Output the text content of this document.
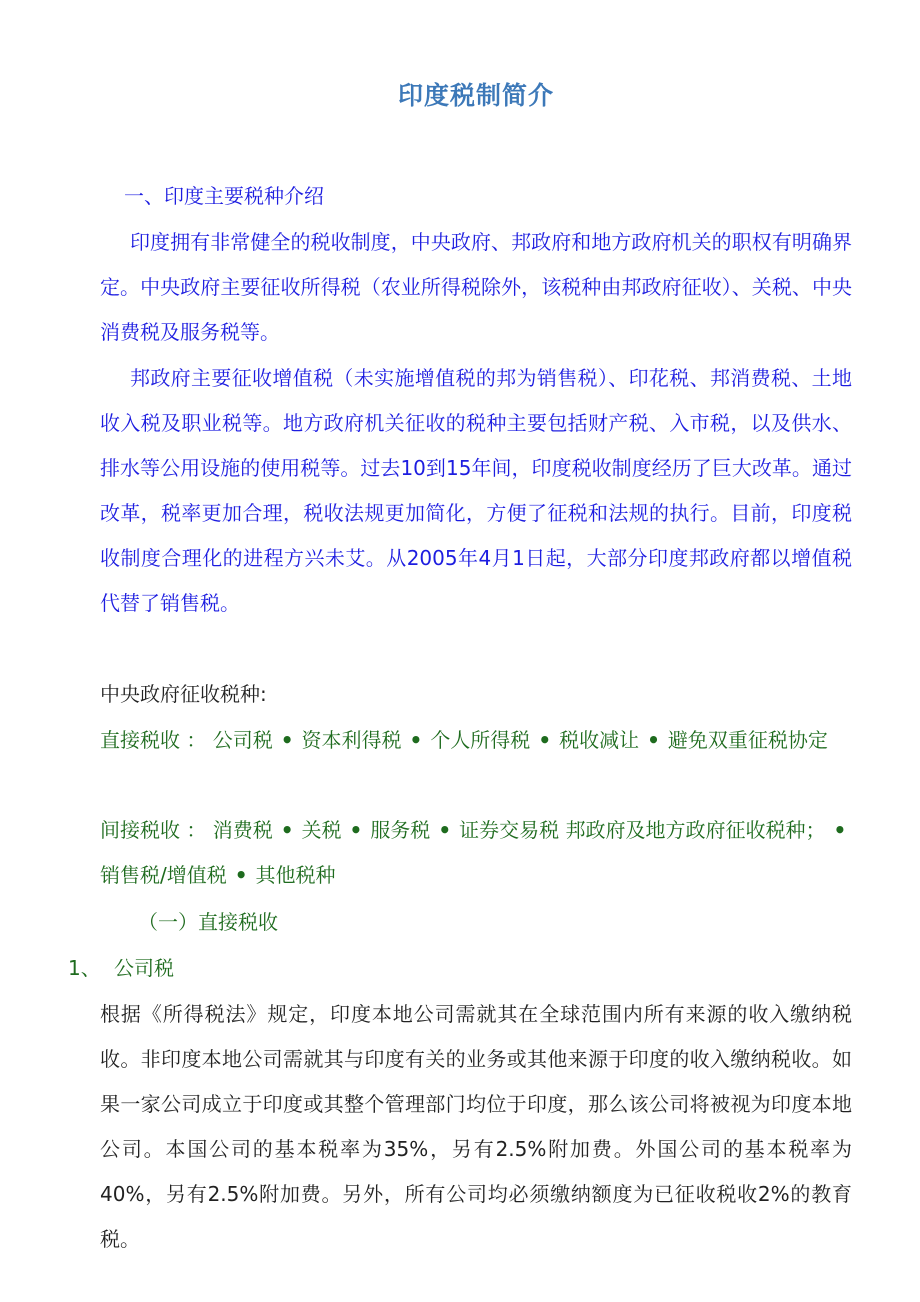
印度税制简介
一、印度主要税种介绍

印度拥有非常健全的税收制度，中央政府、邦政府和地方政府机关的职权有明确界定。中央政府主要征收所得税（农业所得税除外，该税种由邦政府征收）、关税、中央消费税及服务税等。

邦政府主要征收增值税（未实施增值税的邦为销售税）、印花税、邦消费税、土地收入税及职业税等。地方政府机关征收的税种主要包括财产税、入市税，以及供水、排水等公用设施的使用税等。过去10到15年间，印度税收制度经历了巨大改革。通过改革，税率更加合理，税收法规更加简化，方便了征税和法规的执行。目前，印度税收制度合理化的进程方兴未艾。从2005年4月1日起，大部分印度邦政府都以增值税代替了销售税。

中央政府征收税种:

直接税收 ： 公司税 • 资本利得税 • 个人所得税 • 税收减让 • 避免双重征税协定

间接税收 ： 消费税 • 关税 • 服务税 • 证券交易税 邦政府及地方政府征收税种； •销售税/增值税 • 其他税种

（一）直接税收
1、 公司税

根据《所得税法》规定，印度本地公司需就其在全球范围内所有来源的收入缴纳税收。非印度本地公司需就其与印度有关的业务或其他来源于印度的收入缴纳税收。如果一家公司成立于印度或其整个管理部门均位于印度，那么该公司将被视为印度本地公司。本国公司的基本税率为35%，另有2.5%附加费。外国公司的基本税率为40%，另有2.5%附加费。另外，所有公司均必须缴纳额度为已征收税收2%的教育税。
